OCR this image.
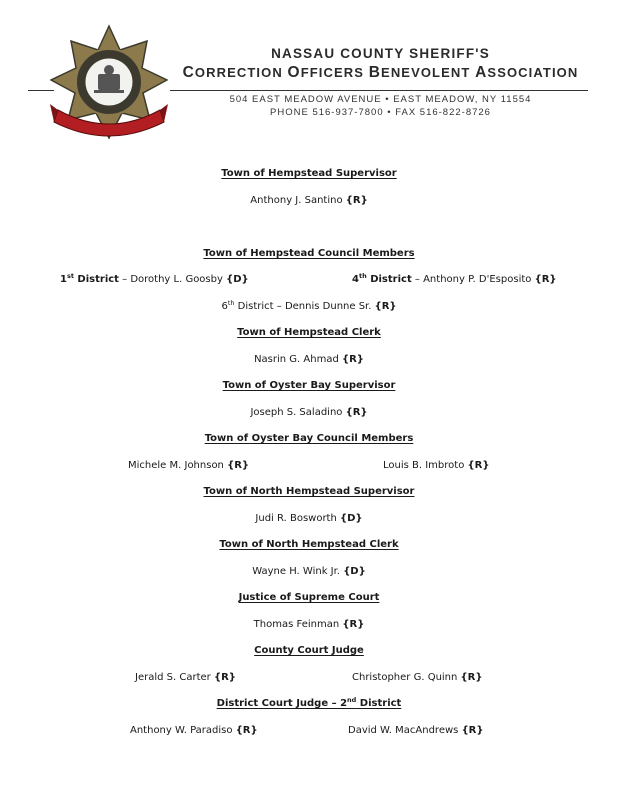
NASSAU COUNTY SHERIFF'S
CORRECTION OFFICERS BENEVOLENT ASSOCIATION
504 EAST MEADOW AVENUE • EAST MEADOW, NY 11554
PHONE 516-937-7800 • FAX 516-822-8726
Town of Hempstead Supervisor
Anthony J. Santino {R}
Town of Hempstead Council Members
1st District – Dorothy L. Goosby {D}	4th District – Anthony P. D'Esposito {R}
6th District – Dennis Dunne Sr. {R}
Town of Hempstead Clerk
Nasrin G. Ahmad {R}
Town of Oyster Bay Supervisor
Joseph S. Saladino {R}
Town of Oyster Bay Council Members
Michele M. Johnson {R}	Louis B. Imbroto {R}
Town of North Hempstead Supervisor
Judi R. Bosworth {D}
Town of North Hempstead Clerk
Wayne H. Wink Jr. {D}
Justice of Supreme Court
Thomas Feinman {R}
County Court Judge
Jerald S. Carter {R}	Christopher G. Quinn {R}
District Court Judge – 2nd District
Anthony W. Paradiso {R}	David W. MacAndrews {R}
